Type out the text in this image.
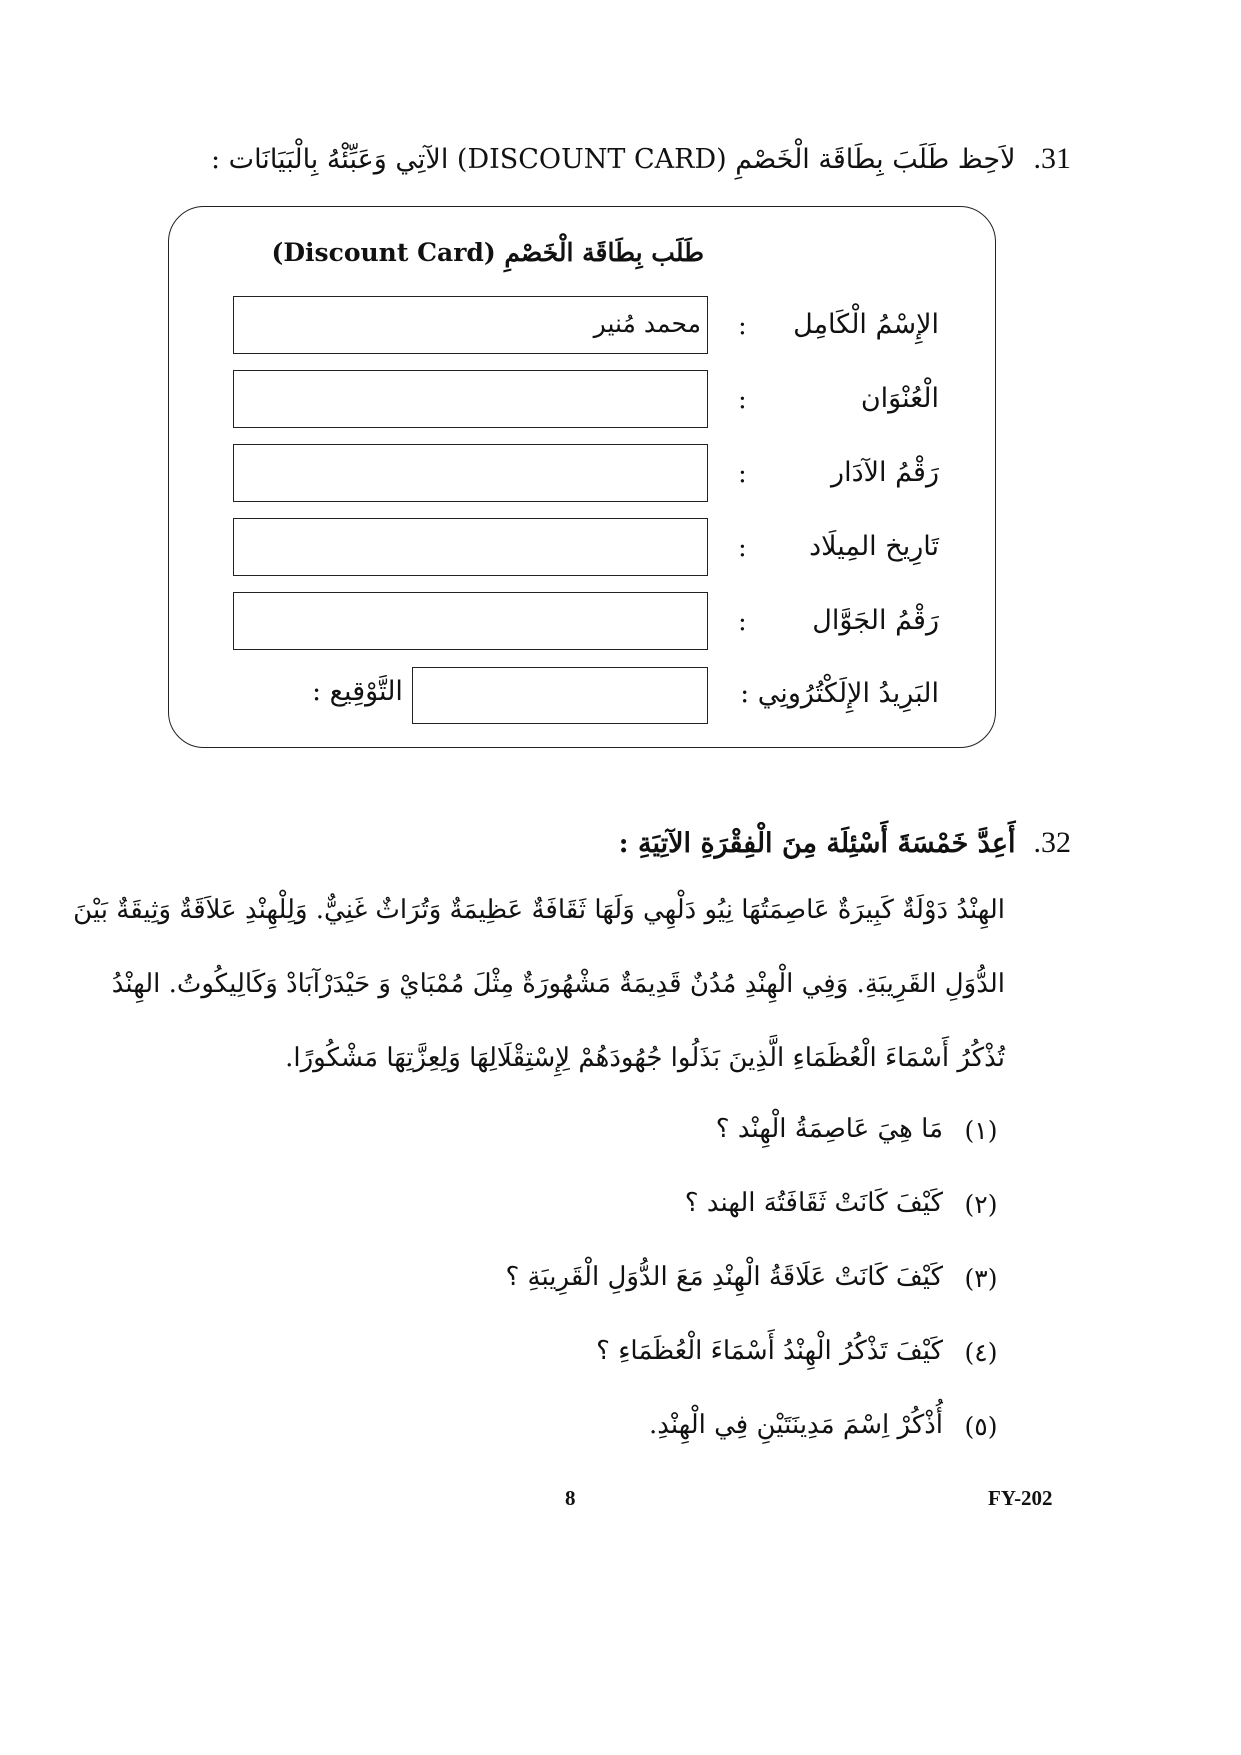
31.لاَحِظ طَلَبَ بِطَاقَة الْخَصْمِ (DISCOUNT CARD) الآتِي وَعَبِّئْهُ بِالْبَيَانَات :
طَلَب بِطَاقَة الْخَصْمِ (Discount Card)
الإِسْمُ الْكَامِل
:
محمد مُنير
الْعُنْوَان
:
رَقْمُ الآدَار
:
تَارِيخ المِيلَاد
:
رَقْمُ الجَوَّال
:
البَرِيدُ الإِلَكْتُرُونِي :
التَّوْقِيع :
32.أَعِدَّ خَمْسَةَ أَسْئِلَة مِنَ الْفِقْرَةِ الآتِيَةِ :
الهِنْدُ دَوْلَةٌ كَبِيرَةٌ عَاصِمَتُهَا نِيُو دَلْهِي وَلَهَا ثَقَافَةٌ عَظِيمَةٌ وَتُرَاثٌ غَنِيٌّ. وَلِلْهِنْدِ عَلاَقَةٌ وَثِيقَةٌ بَيْنَ
الدُّوَلِ القَرِيبَةِ. وَفِي الْهِنْدِ مُدُنٌ قَدِيمَةٌ مَشْهُورَةٌ مِثْلَ مُمْبَايْ وَ حَيْدَرْآبَادْ وَكَالِيكُوتُ. الهِنْدُ
تُذْكُرُ أَسْمَاءَ الْعُظَمَاءِ الَّذِينَ بَذَلُوا جُهُودَهُمْ لِإِسْتِقْلَالِهَا وَلِعِزَّتِهَا مَشْكُورًا.
(١)
مَا هِيَ عَاصِمَةُ الْهِنْد ؟
(٢)
كَيْفَ كَانَتْ ثَقَافَتُهَ الهند ؟
(٣)
كَيْفَ كَانَتْ عَلَاقَةُ الْهِنْدِ مَعَ الدُّوَلِ الْقَرِيبَةِ ؟
(٤)
كَيْفَ تَذْكُرُ الْهِنْدُ أَسْمَاءَ الْعُظَمَاءِ ؟
(٥)
أُذْكُرْ اِسْمَ مَدِينَتَيْنِ فِي الْهِنْدِ.
8	FY-202
